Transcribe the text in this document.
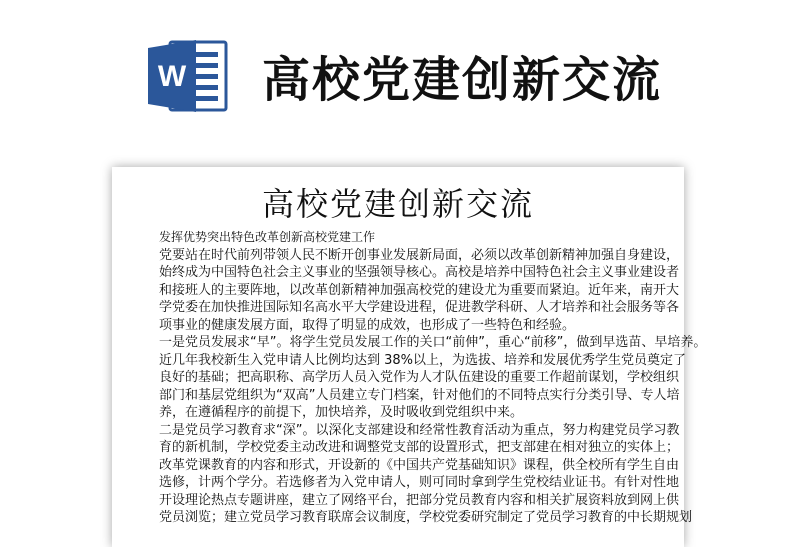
W 高校党建创新交流
高校党建创新交流
发挥优势突出特色改革创新高校党建工作
党要站在时代前列带领人民不断开创事业发展新局面，必须以改革创新精神加强自身建设，
始终成为中国特色社会主义事业的坚强领导核心。高校是培养中国特色社会主义事业建设者
和接班人的主要阵地，以改革创新精神加强高校党的建设尤为重要而紧迫。近年来，南开大
学党委在加快推进国际知名高水平大学建设进程，促进教学科研、人才培养和社会服务等各
项事业的健康发展方面，取得了明显的成效，也形成了一些特色和经验。
一是党员发展求“早”。将学生党员发展工作的关口“前伸”，重心“前移”，做到早选苗、早培养。
近几年我校新生入党申请人比例均达到 38%以上，为选拔、培养和发展优秀学生党员奠定了
良好的基础；把高职称、高学历人员入党作为人才队伍建设的重要工作超前谋划，学校组织
部门和基层党组织为“双高”人员建立专门档案，针对他们的不同特点实行分类引导、专人培
养，在遵循程序的前提下，加快培养，及时吸收到党组织中来。
二是党员学习教育求“深”。以深化支部建设和经常性教育活动为重点，努力构建党员学习教
育的新机制，学校党委主动改进和调整党支部的设置形式，把支部建在相对独立的实体上；
改革党课教育的内容和形式，开设新的《中国共产党基础知识》课程，供全校所有学生自由
选修，计两个学分。若选修者为入党申请人，则可同时拿到学生党校结业证书。有针对性地
开设理论热点专题讲座，建立了网络平台，把部分党员教育内容和相关扩展资料放到网上供
党员浏览；建立党员学习教育联席会议制度，学校党委研究制定了党员学习教育的中长期规划
